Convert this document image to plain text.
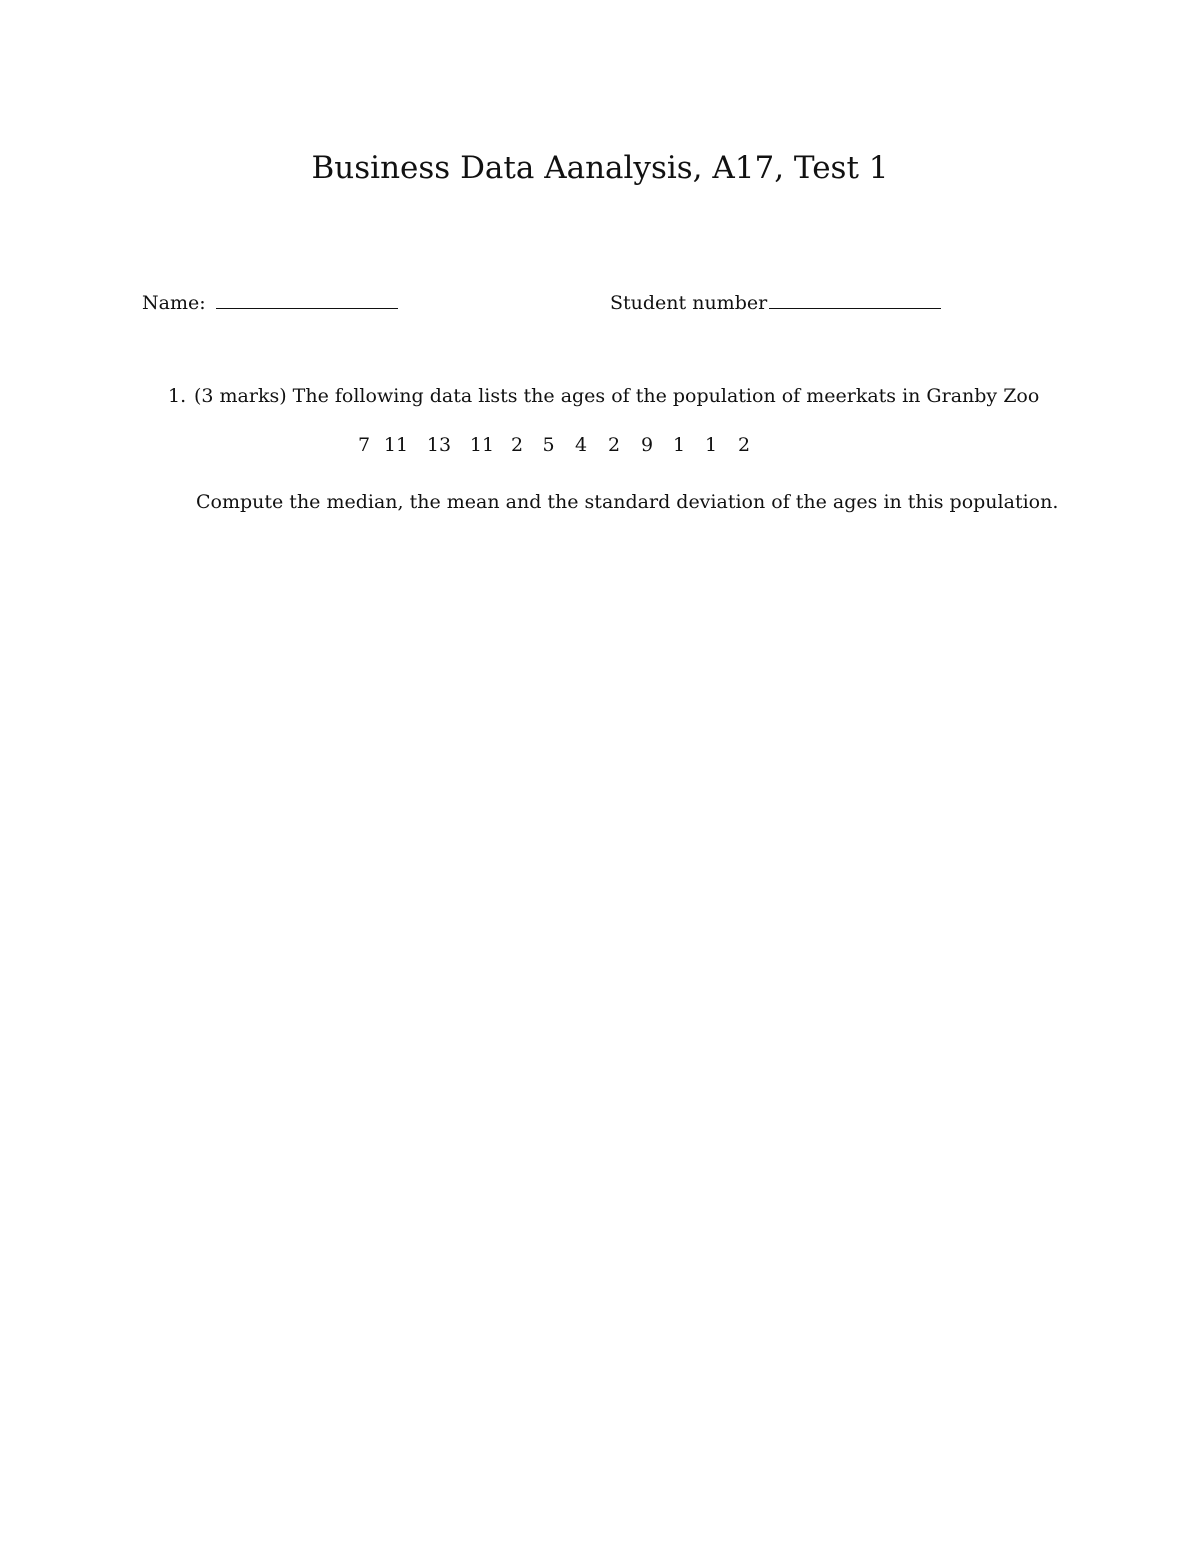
Business Data Aanalysis, A17, Test 1
Name:	Student number
1. (3 marks) The following data lists the ages of the population of meerkats in Granby Zoo
7 11 13 11 2	5	4	2	9	1	1	2
Compute the median, the mean and the standard deviation of the ages in this population.
